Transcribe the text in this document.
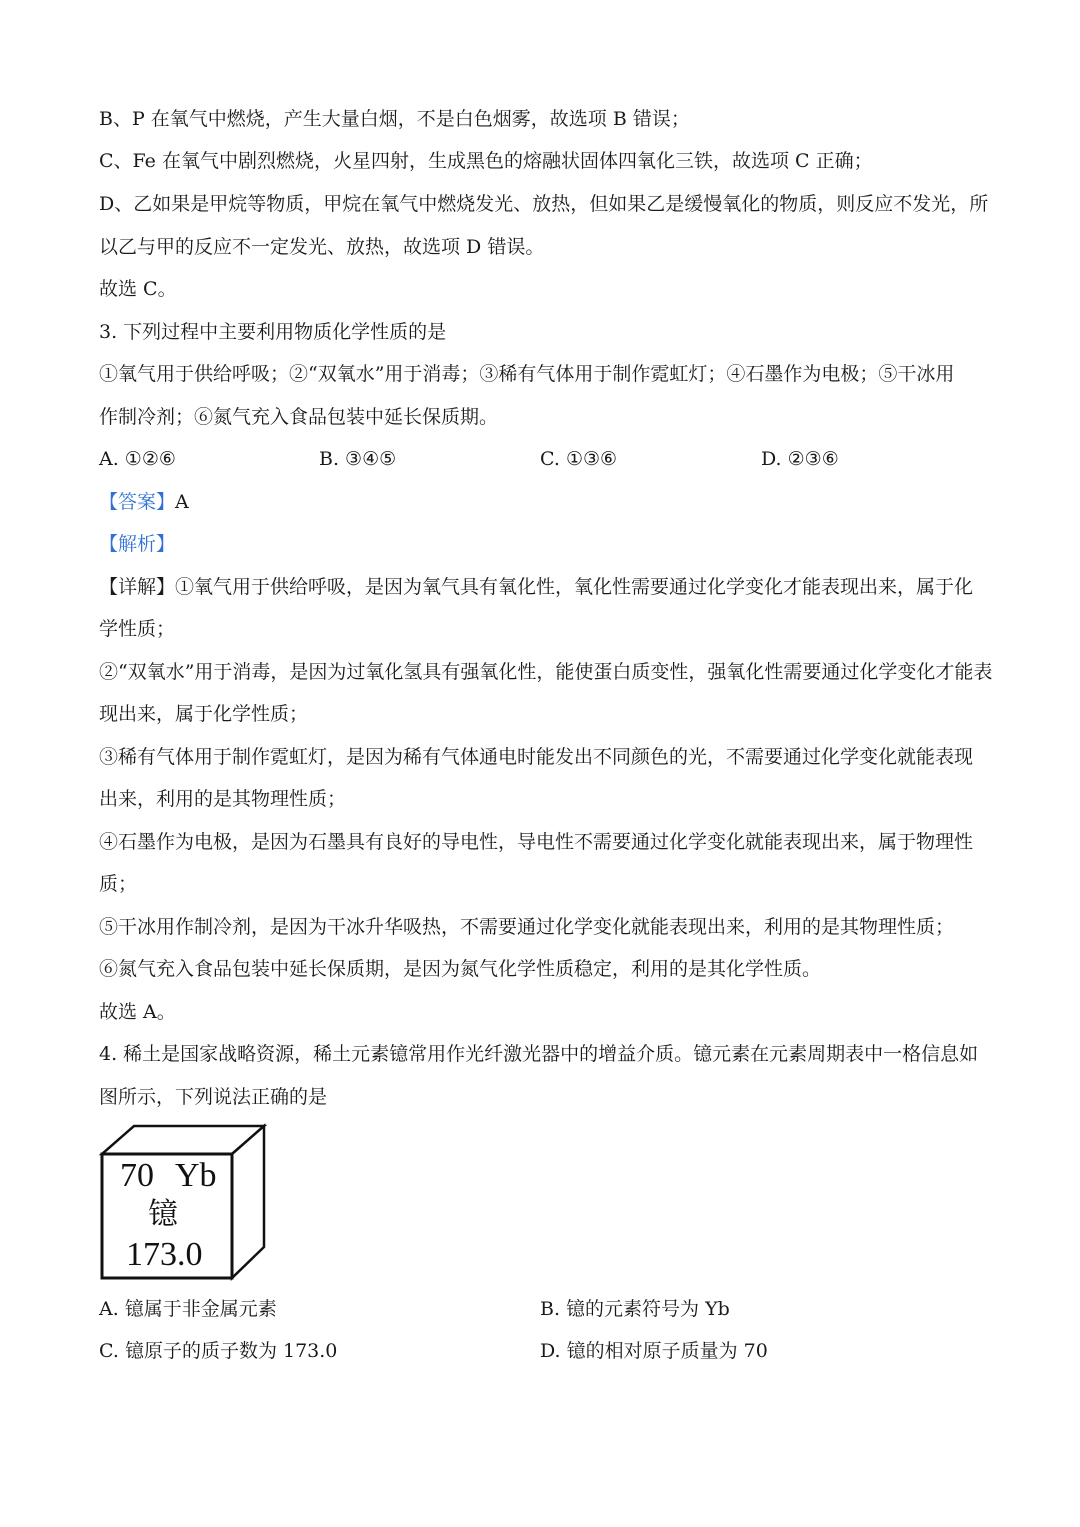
B、P 在氧气中燃烧，产生大量白烟，不是白色烟雾，故选项 B 错误；

C、Fe 在氧气中剧烈燃烧，火星四射，生成黑色的熔融状固体四氧化三铁，故选项 C 正确；

D、乙如果是甲烷等物质，甲烷在氧气中燃烧发光、放热，但如果乙是缓慢氧化的物质，则反应不发光，所

以乙与甲的反应不一定发光、放热，故选项 D 错误。

故选 C。

3. 下列过程中主要利用物质化学性质的是

①氧气用于供给呼吸；②“双氧水”用于消毒；③稀有气体用于制作霓虹灯；④石墨作为电极；⑤干冰用

作制冷剂；⑥氮气充入食品包装中延长保质期。

A. ①②⑥	B. ③④⑤	C. ①③⑥	D. ②③⑥

【答案】A

【解析】

【详解】①氧气用于供给呼吸，是因为氧气具有氧化性，氧化性需要通过化学变化才能表现出来，属于化

学性质；

②“双氧水”用于消毒，是因为过氧化氢具有强氧化性，能使蛋白质变性，强氧化性需要通过化学变化才能表

现出来，属于化学性质；

③稀有气体用于制作霓虹灯，是因为稀有气体通电时能发出不同颜色的光，不需要通过化学变化就能表现

出来，利用的是其物理性质；

④石墨作为电极，是因为石墨具有良好的导电性，导电性不需要通过化学变化就能表现出来，属于物理性

质；

⑤干冰用作制冷剂，是因为干冰升华吸热，不需要通过化学变化就能表现出来，利用的是其物理性质；

⑥氮气充入食品包装中延长保质期，是因为氮气化学性质稳定，利用的是其化学性质。

故选 A。

4. 稀土是国家战略资源，稀土元素镱常用作光纤激光器中的增益介质。镱元素在元素周期表中一格信息如

图所示，下列说法正确的是

70 Yb
镱
173.0
A. 镱属于非金属元素	B. 镱的元素符号为 Yb
C. 镱原子的质子数为 173.0	D. 镱的相对原子质量为 70
